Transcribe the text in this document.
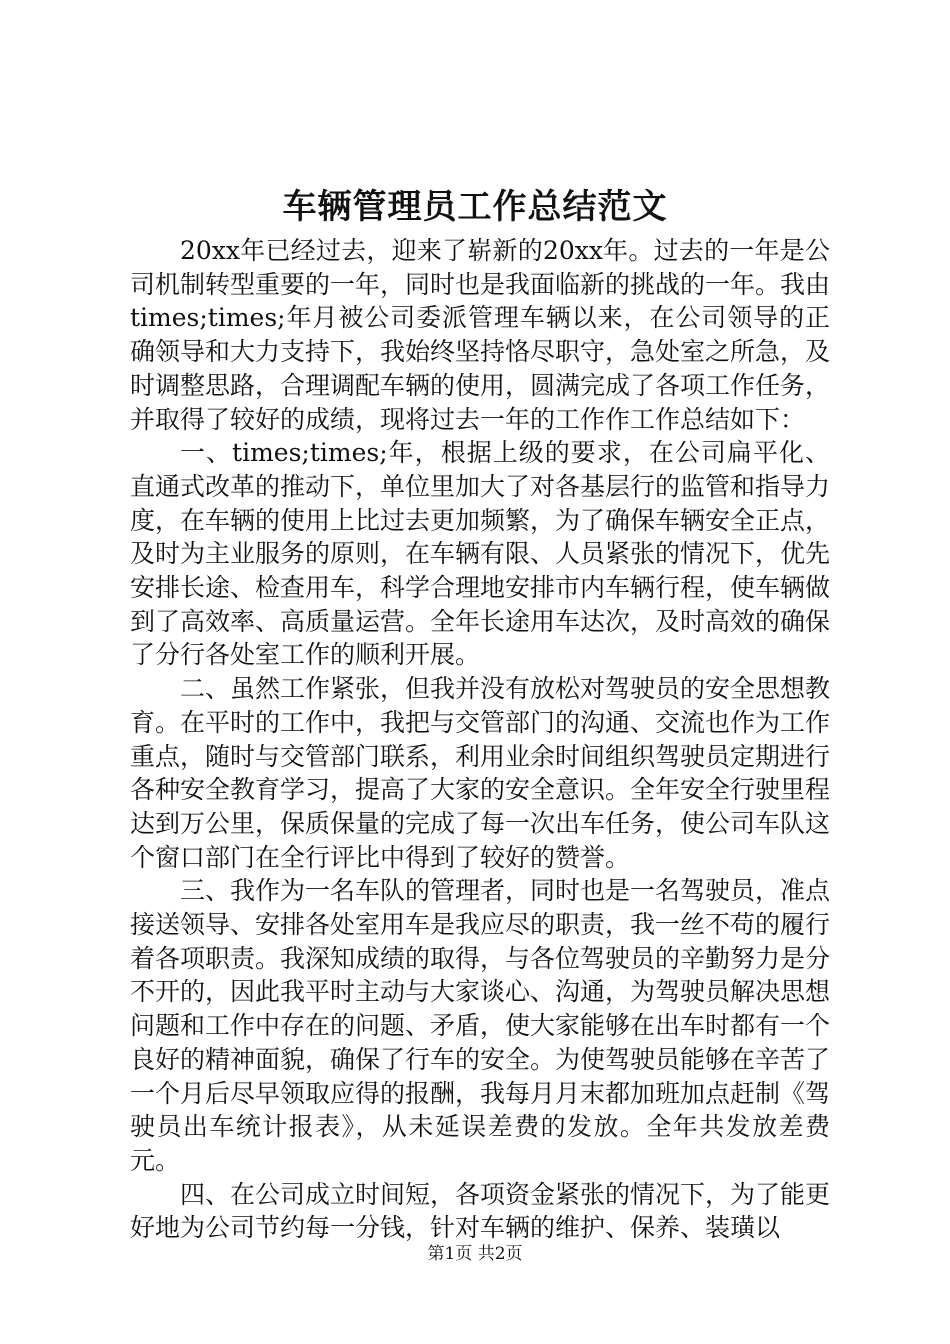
车辆管理员工作总结范文

20xx年已经过去，迎来了崭新的20xx年。过去的一年是公司机制转型重要的一年，同时也是我面临新的挑战的一年。我由times;times;年月被公司委派管理车辆以来，在公司领导的正确领导和大力支持下，我始终坚持恪尽职守，急处室之所急，及时调整思路，合理调配车辆的使用，圆满完成了各项工作任务，并取得了较好的成绩，现将过去一年的工作作工作总结如下：

一、times;times;年，根据上级的要求，在公司扁平化、直通式改革的推动下，单位里加大了对各基层行的监管和指导力度，在车辆的使用上比过去更加频繁，为了确保车辆安全正点，及时为主业服务的原则，在车辆有限、人员紧张的情况下，优先安排长途、检查用车，科学合理地安排市内车辆行程，使车辆做到了高效率、高质量运营。全年长途用车达次，及时高效的确保了分行各处室工作的顺利开展。

二、虽然工作紧张，但我并没有放松对驾驶员的安全思想教育。在平时的工作中，我把与交管部门的沟通、交流也作为工作重点，随时与交管部门联系，利用业余时间组织驾驶员定期进行各种安全教育学习，提高了大家的安全意识。全年安全行驶里程达到万公里，保质保量的完成了每一次出车任务，使公司车队这个窗口部门在全行评比中得到了较好的赞誉。

三、我作为一名车队的管理者，同时也是一名驾驶员，准点接送领导、安排各处室用车是我应尽的职责，我一丝不苟的履行着各项职责。我深知成绩的取得，与各位驾驶员的辛勤努力是分不开的，因此我平时主动与大家谈心、沟通，为驾驶员解决思想问题和工作中存在的问题、矛盾，使大家能够在出车时都有一个良好的精神面貌，确保了行车的安全。为使驾驶员能够在辛苦了一个月后尽早领取应得的报酬，我每月月末都加班加点赶制《驾驶员出车统计报表》，从未延误差费的发放。全年共发放差费元。

四、在公司成立时间短，各项资金紧张的情况下，为了能更好地为公司节约每一分钱，针对车辆的维护、保养、装璜以

第1页 共2页
